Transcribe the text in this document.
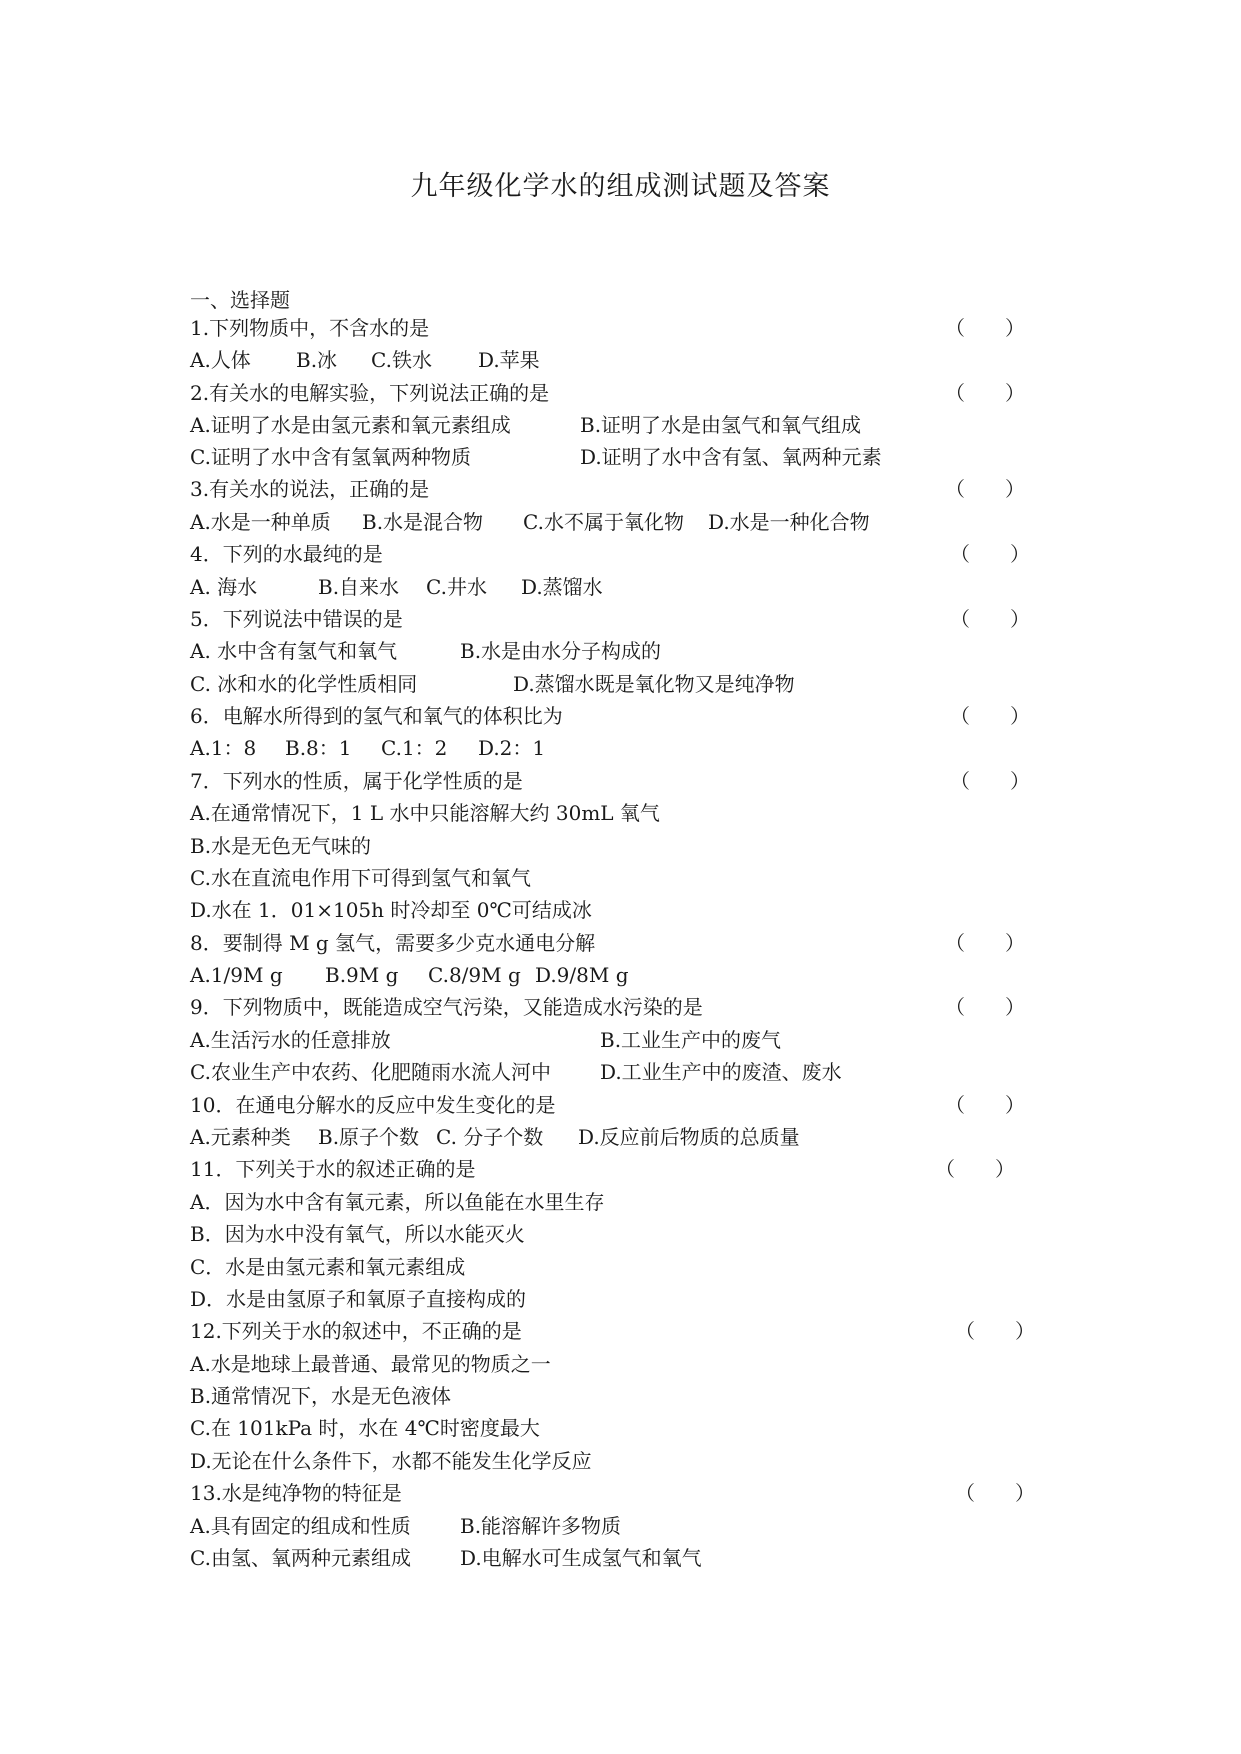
九年级化学水的组成测试题及答案
一、选择题
1.下列物质中，不含水的是	（　　）
A.人体 B.冰 C.铁水 D.苹果
2.有关水的电解实验，下列说法正确的是	（　　）
A.证明了水是由氢元素和氧元素组成	B.证明了水是由氢气和氧气组成
C.证明了水中含有氢氧两种物质	D.证明了水中含有氢、氧两种元素
3.有关水的说法，正确的是	（　　）
A.水是一种单质 B.水是混合物 C.水不属于氧化物 D.水是一种化合物
4．下列的水最纯的是	（　　）
A. 海水	B.自来水 C.井水 D.蒸馏水
5．下列说法中错误的是	（　　）
A. 水中含有氢气和氧气	B.水是由水分子构成的
C. 冰和水的化学性质相同	D.蒸馏水既是氧化物又是纯净物
6．电解水所得到的氢气和氧气的体积比为	（　　）
A.1：8 B.8：1 C.1：2 D.2：1
7．下列水的性质，属于化学性质的是	（　　）
A.在通常情况下，1 L 水中只能溶解大约 30mL 氧气
B.水是无色无气味的
C.水在直流电作用下可得到氢气和氧气
D.水在 1．01×105h 时冷却至 0℃可结成冰
8．要制得 M g 氢气，需要多少克水通电分解	（　　）
A.1/9M g B.9M g C.8/9M g D.9/8M g
9．下列物质中，既能造成空气污染，又能造成水污染的是	（　　）
A.生活污水的任意排放	B.工业生产中的废气
C.农业生产中农药、化肥随雨水流人河中 D.工业生产中的废渣、废水
10．在通电分解水的反应中发生变化的是	（　　）
A.元素种类 B.原子个数 C. 分子个数 D.反应前后物质的总质量
11．下列关于水的叙述正确的是	（　　）
A．因为水中含有氧元素，所以鱼能在水里生存
B．因为水中没有氧气，所以水能灭火
C．水是由氢元素和氧元素组成
D．水是由氢原子和氧原子直接构成的
12.下列关于水的叙述中，不正确的是	（　　）
A.水是地球上最普通、最常见的物质之一
B.通常情况下，水是无色液体
C.在 101kPa 时，水在 4℃时密度最大
D.无论在什么条件下，水都不能发生化学反应
13.水是纯净物的特征是	（　　）
A.具有固定的组成和性质 B.能溶解许多物质
C.由氢、氧两种元素组成 D.电解水可生成氢气和氧气
